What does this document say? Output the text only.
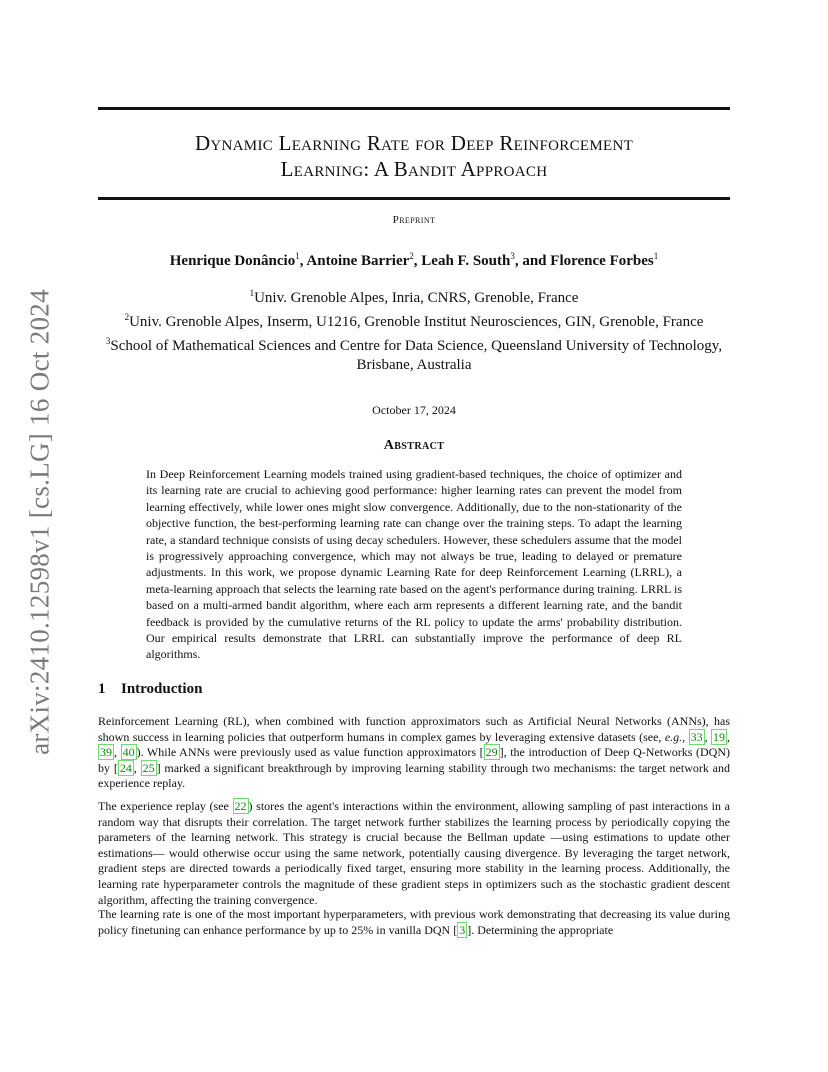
arXiv:2410.12598v1 [cs.LG] 16 Oct 2024
Dynamic Learning Rate for Deep Reinforcement
Learning: A Bandit Approach
Preprint
Henrique Donâncio$^1$, Antoine Barrier$^2$, Leah F. South$^3$, and Florence Forbes$^1$
$^1$Univ. Grenoble Alpes, Inria, CNRS, Grenoble, France
$^2$Univ. Grenoble Alpes, Inserm, U1216, Grenoble Institut Neurosciences, GIN, Grenoble, France
$^3$School of Mathematical Sciences and Centre for Data Science, Queensland University of Technology, Brisbane, Australia
October 17, 2024
Abstract

In Deep Reinforcement Learning models trained using gradient-based techniques, the choice of optimizer and its learning rate are crucial to achieving good performance: higher learning rates can prevent the model from learning effectively, while lower ones might slow convergence. Additionally, due to the non-stationarity of the objective function, the best-performing learning rate can change over the training steps. To adapt the learning rate, a standard technique consists of using decay schedulers. However, these schedulers assume that the model is progressively approaching convergence, which may not always be true, leading to delayed or premature adjustments. In this work, we propose dynamic Learning Rate for deep Reinforcement Learning (LRRL), a meta-learning approach that selects the learning rate based on the agent's performance during training. LRRL is based on a multi-armed bandit algorithm, where each arm represents a different learning rate, and the bandit feedback is provided by the cumulative returns of the RL policy to update the arms' probability distribution. Our empirical results demonstrate that LRRL can substantially improve the performance of deep RL algorithms.

1 Introduction

Reinforcement Learning (RL), when combined with function approximators such as Artificial Neural Networks (ANNs), has shown success in learning policies that outperform humans in complex games by leveraging extensive datasets (see, e.g., 33 , 19 , 39 , 40 ). While ANNs were previously used as value function approximators [ 29 ], the introduction of Deep Q-Networks (DQN) by [ 24 , 25 ] marked a significant breakthrough by improving learning stability through two mechanisms: the target network and experience replay.

The experience replay (see 22 ) stores the agent's interactions within the environment, allowing sampling of past interactions in a random way that disrupts their correlation. The target network further stabilizes the learning process by periodically copying the parameters of the learning network. This strategy is crucial because the Bellman update —using estimations to update other estimations— would otherwise occur using the same network, potentially causing divergence. By leveraging the target network, gradient steps are directed towards a periodically fixed target, ensuring more stability in the learning process. Additionally, the learning rate hyperparameter controls the magnitude of these gradient steps in optimizers such as the stochastic gradient descent algorithm, affecting the training convergence.

The learning rate is one of the most important hyperparameters, with previous work demonstrating that decreasing its value during policy finetuning can enhance performance by up to 25% in vanilla DQN [ 3 ]. Determining the appropriate
